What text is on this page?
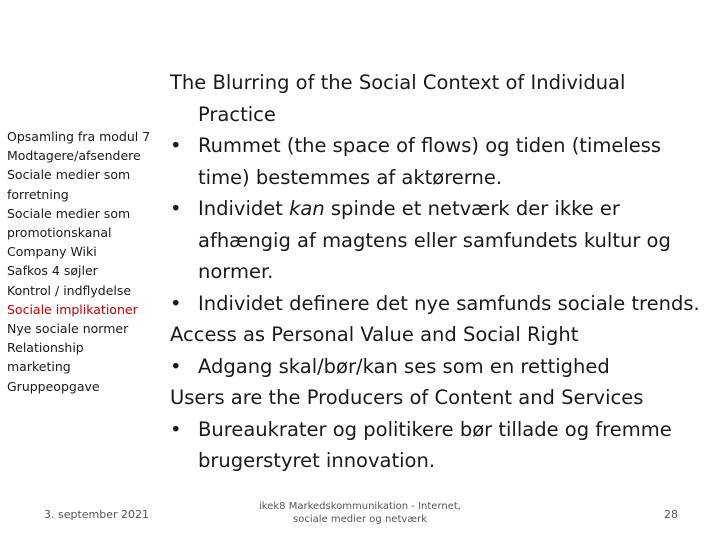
Opsamling fra modul 7
Modtagere/afsendere
Sociale medier som
forretning
Sociale medier som
promotionskanal
Company Wiki
Safkos 4 søjler
Kontrol / indflydelse
Sociale implikationer
Nye sociale normer
Relationship
marketing
Gruppeopgave
The Blurring of the Social Context of Individual
Practice
• Rummet (the space of flows) og tiden (timeless time) bestemmes af aktørerne.
• Individet kan spinde et netværk der ikke er afhængig af magtens eller samfundets kultur og normer.
• Individet definere det nye samfunds sociale trends.
Access as Personal Value and Social Right
• Adgang skal/bør/kan ses som en rettighed
Users are the Producers of Content and Services
• Bureaukrater og politikere bør tillade og fremme brugerstyret innovation.
3. september 2021
ikek8 Markedskommunikation - Internet,
sociale medier og netværk	28
